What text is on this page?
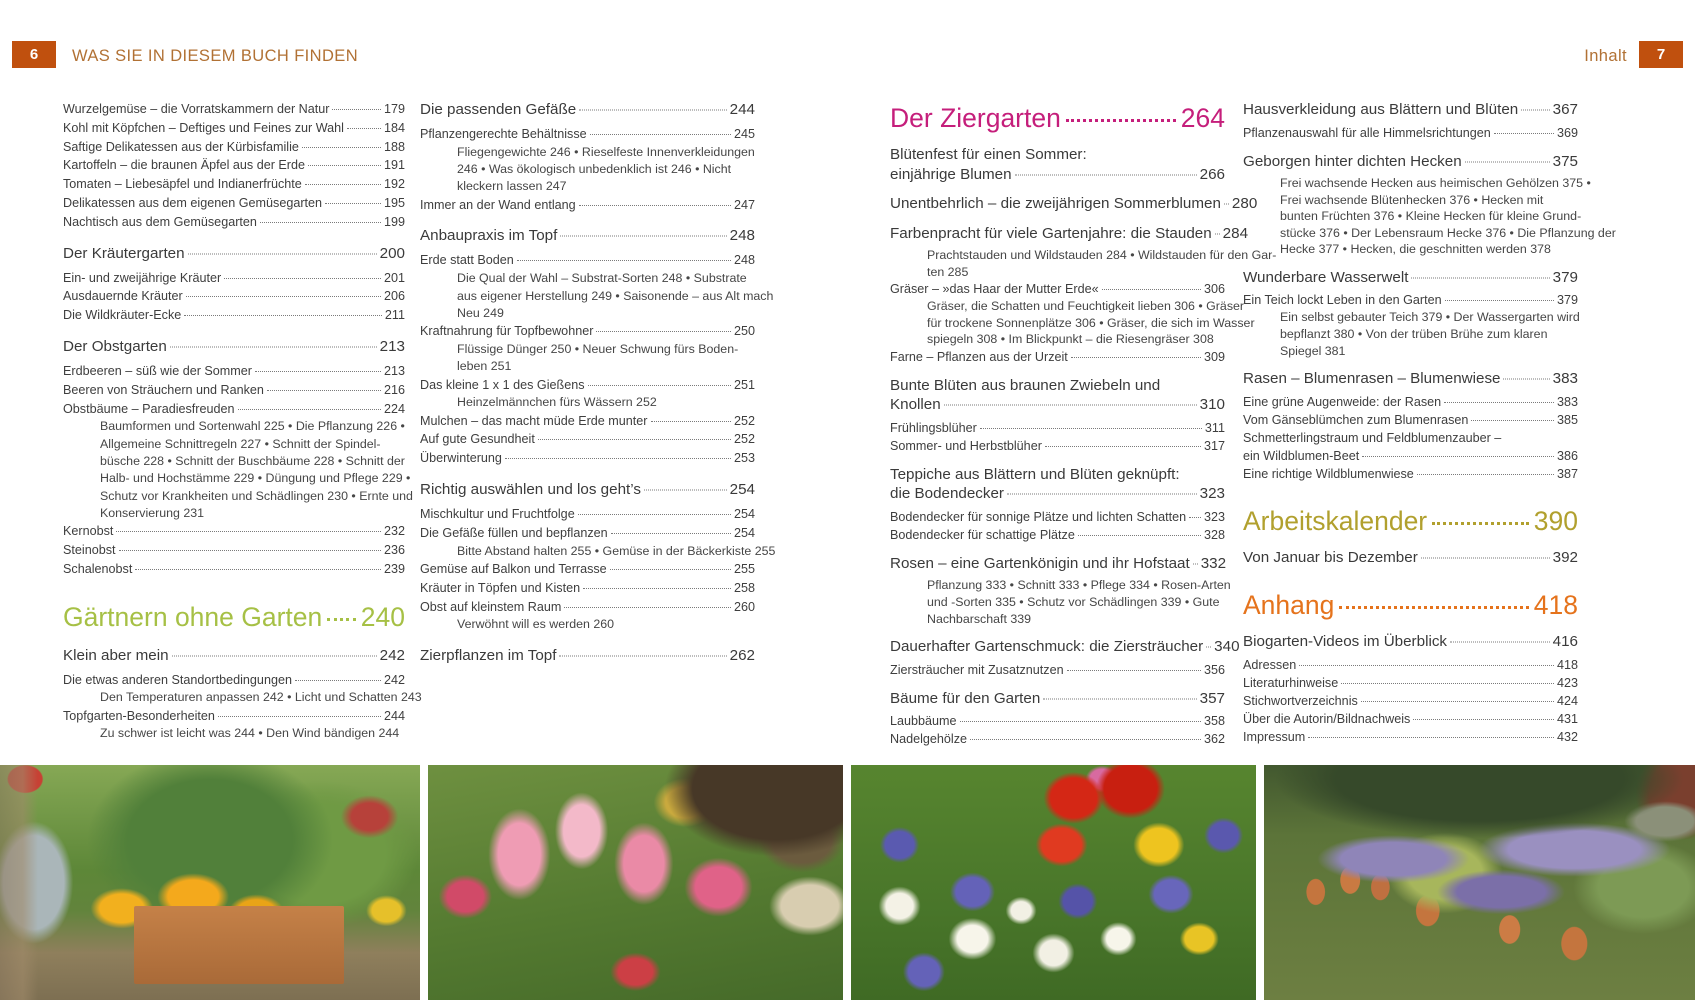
6 WAS SIE IN DIESEM BUCH FINDEN	Inhalt 7
Wurzelgemüse – die Vorratskammern der Natur	179
Kohl mit Köpfchen – Deftiges und Feines zur Wahl	184
Saftige Delikatessen aus der Kürbisfamilie	188
Kartoffeln – die braunen Äpfel aus der Erde	191
Tomaten – Liebesäpfel und Indianerfrüchte	192
Delikatessen aus dem eigenen Gemüsegarten	195
Nachtisch aus dem Gemüsegarten	199
Der Kräutergarten	200
Ein- und zweijährige Kräuter	201
Ausdauernde Kräuter	206
Die Wildkräuter-Ecke	211
Der Obstgarten	213
Erdbeeren – süß wie der Sommer	213
Beeren von Sträuchern und Ranken	216
Obstbäume – Paradiesfreuden	224
Baumformen und Sortenwahl 225 • Die Pflanzung 226 •
Allgemeine Schnittregeln 227 • Schnitt der Spindel-
büsche 228 • Schnitt der Buschbäume 228 • Schnitt der
Halb- und Hochstämme 229 • Düngung und Pflege 229 •
Schutz vor Krankheiten und Schädlingen 230 • Ernte und
Konservierung 231
Kernobst	232
Steinobst	236
Schalenobst	239
Gärtnern ohne Garten 240
Klein aber mein	242
Die etwas anderen Standortbedingungen	242
Den Temperaturen anpassen 242 • Licht und Schatten 243
Topfgarten-Besonderheiten	244
Zu schwer ist leicht was 244 • Den Wind bändigen 244
Die passenden Gefäße	244
Pflanzengerechte Behältnisse	245
Fliegengewichte 246 • Rieselfeste Innenverkleidungen
246 • Was ökologisch unbedenklich ist 246 • Nicht
kleckern lassen 247
Immer an der Wand entlang	247
Anbaupraxis im Topf	248
Erde statt Boden	248
Die Qual der Wahl – Substrat-Sorten 248 • Substrate
aus eigener Herstellung 249 • Saisonende – aus Alt mach
Neu 249
Kraftnahrung für Topfbewohner	250
Flüssige Dünger 250 • Neuer Schwung fürs Boden-
leben 251
Das kleine 1 x 1 des Gießens	251
Heinzelmännchen fürs Wässern 252
Mulchen – das macht müde Erde munter	252
Auf gute Gesundheit	252
Überwinterung	253
Richtig auswählen und los geht’s	254
Mischkultur und Fruchtfolge	254
Die Gefäße füllen und bepflanzen	254
Bitte Abstand halten 255 • Gemüse in der Bäckerkiste 255
Gemüse auf Balkon und Terrasse	255
Kräuter in Töpfen und Kisten	258
Obst auf kleinstem Raum	260
Verwöhnt will es werden 260
Zierpflanzen im Topf	262
Der Ziergarten	264
Blütenfest für einen Sommer:
einjährige Blumen	266
Unentbehrlich – die zweijährigen Sommerblumen 280
Farbenpracht für viele Gartenjahre: die Stauden 284
Prachtstauden und Wildstauden 284 • Wildstauden für den Gar-
ten 285
Gräser – »das Haar der Mutter Erde«	306
Gräser, die Schatten und Feuchtigkeit lieben 306 • Gräser
für trockene Sonnenplätze 306 • Gräser, die sich im Wasser
spiegeln 308 • Im Blickpunkt – die Riesengräser 308
Farne – Pflanzen aus der Urzeit	309
Bunte Blüten aus braunen Zwiebeln und
Knollen	310
Frühlingsblüher	311
Sommer- und Herbstblüher	317
Teppiche aus Blättern und Blüten geknüpft:
die Bodendecker	323
Bodendecker für sonnige Plätze und lichten Schatten 323
Bodendecker für schattige Plätze	328
Rosen – eine Gartenkönigin und ihr Hofstaat 332
Pflanzung 333 • Schnitt 333 • Pflege 334 • Rosen-Arten
und -Sorten 335 • Schutz vor Schädlingen 339 • Gute
Nachbarschaft 339
Dauerhafter Gartenschmuck: die Ziersträucher 340
Ziersträucher mit Zusatznutzen	356
Bäume für den Garten	357
Laubbäume	358
Nadelgehölze	362
Hausverkleidung aus Blättern und Blüten 367
Pflanzenauswahl für alle Himmelsrichtungen	369
Geborgen hinter dichten Hecken	375
Frei wachsende Hecken aus heimischen Gehölzen 375 •
Frei wachsende Blütenhecken 376 • Hecken mit
bunten Früchten 376 • Kleine Hecken für kleine Grund-
stücke 376 • Der Lebensraum Hecke 376 • Die Pflanzung der
Hecke 377 • Hecken, die geschnitten werden 378
Wunderbare Wasserwelt	379
Ein Teich lockt Leben in den Garten	379
Ein selbst gebauter Teich 379 • Der Wassergarten wird
bepflanzt 380 • Von der trüben Brühe zum klaren
Spiegel 381
Rasen – Blumenrasen – Blumenwiese	383
Eine grüne Augenweide: der Rasen	383
Vom Gänseblümchen zum Blumenrasen	385
Schmetterlingstraum und Feldblumenzauber –
ein Wildblumen-Beet	386
Eine richtige Wildblumenwiese	387
Arbeitskalender	390
Von Januar bis Dezember	392
Anhang	418
Biogarten-Videos im Überblick	416
Adressen	418
Literaturhinweise	423
Stichwortverzeichnis	424
Über die Autorin/Bildnachweis	431
Impressum	432
